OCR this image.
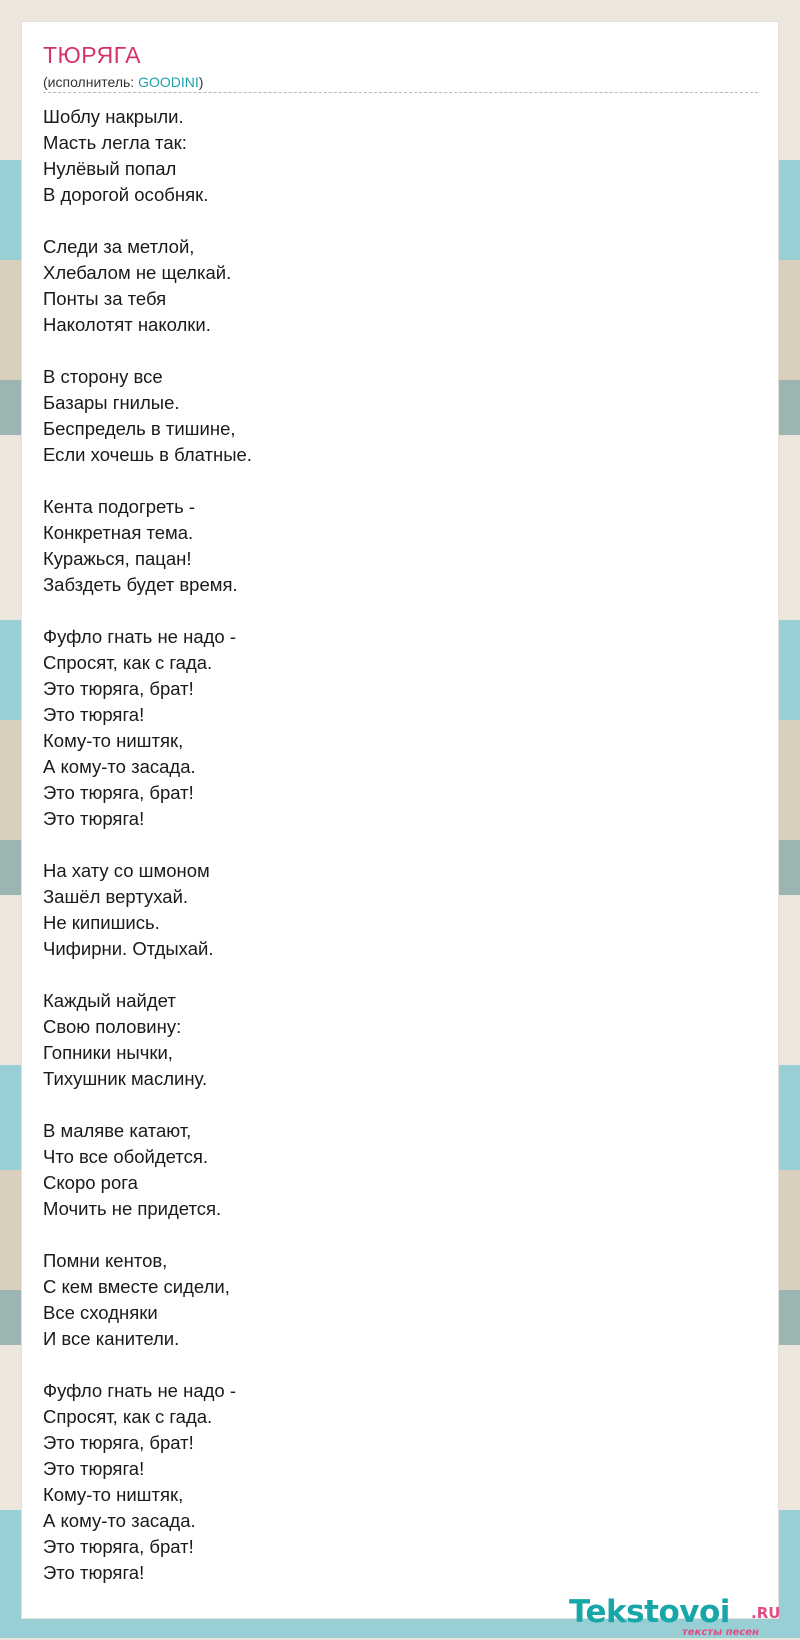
ТЮРЯГА
(исполнитель: GOODINI)
Шоблу накрыли.
Масть легла так:
Нулёвый попал
В дорогой особняк.
Следи за метлой,
Хлебалом не щелкай.
Понты за тебя
Наколотят наколки.
В сторону все
Базары гнилые.
Беспредель в тишине,
Если хочешь в блатные.
Кента подогреть -
Конкретная тема.
Куражься, пацан!
Забздеть будет время.
Фуфло гнать не надо -
Спросят, как с гада.
Это тюряга, брат!
Это тюряга!
Кому-то ништяк,
А кому-то засада.
Это тюряга, брат!
Это тюряга!
На хату со шмоном
Зашёл вертухай.
Не кипишись.
Чифирни. Отдыхай.
Каждый найдет
Свою половину:
Гопники нычки,
Тихушник маслину.
В маляве катают,
Что все обойдется.
Скоро рога
Мочить не придется.
Помни кентов,
С кем вместе сидели,
Все сходняки
И все канители.
Фуфло гнать не надо -
Спросят, как с гада.
Это тюряга, брат!
Это тюряга!
Кому-то ништяк,
А кому-то засада.
Это тюряга, брат!
Это тюряга!
Tekstovoi .RU
тексты песен
